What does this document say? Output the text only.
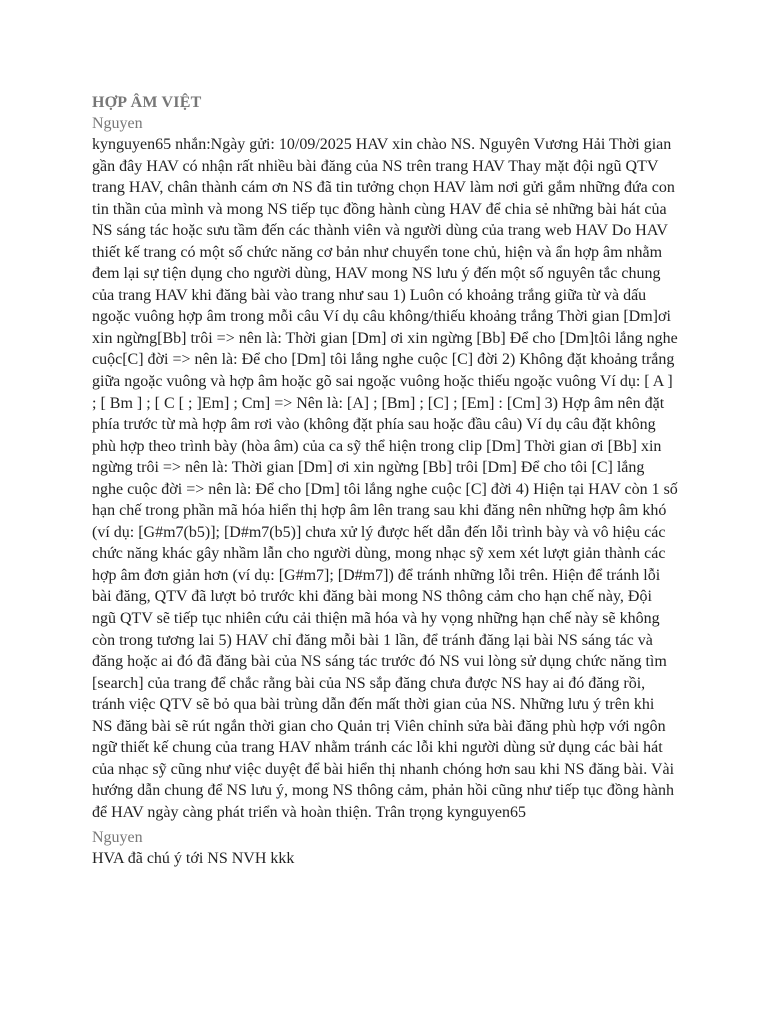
HỢP ÂM VIỆT
Nguyen

kynguyen65 nhắn:Ngày gửi: 10/09/2025 HAV xin chào NS. Nguyên Vương Hải Thời gian gần đây HAV có nhận rất nhiều bài đăng của NS trên trang HAV Thay mặt đội ngũ QTV trang HAV, chân thành cám ơn NS đã tin tưởng chọn HAV làm nơi gửi gắm những đứa con tin thần của mình và mong NS tiếp tục đồng hành cùng HAV để chia sẻ những bài hát của NS sáng tác hoặc sưu tầm đến các thành viên và người dùng của trang web HAV Do HAV thiết kế trang có một số chức năng cơ bản như chuyển tone chủ, hiện và ẩn hợp âm nhằm đem lại sự tiện dụng cho người dùng, HAV mong NS lưu ý đến một số nguyên tắc chung của trang HAV khi đăng bài vào trang như sau 1) Luôn có khoảng trắng giữa từ và dấu ngoặc vuông hợp âm trong mỗi câu Ví dụ câu không/thiếu khoảng trắng Thời gian [Dm]ơi xin ngừng[Bb] trôi => nên là: Thời gian [Dm] ơi xin ngừng [Bb] Để cho [Dm]tôi lắng nghe cuộc[C] đời => nên là: Để cho [Dm] tôi lắng nghe cuộc [C] đời 2) Không đặt khoảng trắng giữa ngoặc vuông và hợp âm hoặc gõ sai ngoặc vuông hoặc thiếu ngoặc vuông Ví dụ: [ A ] ; [ Bm ] ; [ C [ ; ]Em] ; Cm] => Nên là: [A] ; [Bm] ; [C] ; [Em] : [Cm] 3) Hợp âm nên đặt phía trước từ mà hợp âm rơi vào (không đặt phía sau hoặc đầu câu) Ví dụ câu đặt không phù hợp theo trình bày (hòa âm) của ca sỹ thể hiện trong clip [Dm] Thời gian ơi [Bb] xin ngừng trôi => nên là: Thời gian [Dm] ơi xin ngừng [Bb] trôi [Dm] Để cho tôi [C] lắng nghe cuộc đời => nên là: Để cho [Dm] tôi lắng nghe cuộc [C] đời 4) Hiện tại HAV còn 1 số hạn chế trong phần mã hóa hiển thị hợp âm lên trang sau khi đăng nên những hợp âm khó (ví dụ: [G#m7(b5)]; [D#m7(b5)] chưa xử lý được hết dẫn đến lỗi trình bày và vô hiệu các chức năng khác gây nhầm lẫn cho người dùng, mong nhạc sỹ xem xét lượt giản thành các hợp âm đơn giản hơn (ví dụ: [G#m7]; [D#m7]) để tránh những lỗi trên. Hiện để tránh lỗi bài đăng, QTV đã lượt bỏ trước khi đăng bài mong NS thông cảm cho hạn chế này, Đội ngũ QTV sẽ tiếp tục nhiên cứu cải thiện mã hóa và hy vọng những hạn chế này sẽ không còn trong tương lai 5) HAV chỉ đăng mỗi bài 1 lần, để tránh đăng lại bài NS sáng tác và đăng hoặc ai đó đã đăng bài của NS sáng tác trước đó NS vui lòng sử dụng chức năng tìm [search] của trang để chắc rằng bài của NS sắp đăng chưa được NS hay ai đó đăng rồi, tránh việc QTV sẽ bỏ qua bài trùng dẫn đến mất thời gian của NS. Những lưu ý trên khi NS đăng bài sẽ rút ngắn thời gian cho Quản trị Viên chỉnh sửa bài đăng phù hợp với ngôn ngữ thiết kế chung của trang HAV nhằm tránh các lỗi khi người dùng sử dụng các bài hát của nhạc sỹ cũng như việc duyệt để bài hiển thị nhanh chóng hơn sau khi NS đăng bài. Vài hướng dẫn chung để NS lưu ý, mong NS thông cảm, phản hồi cũng như tiếp tục đồng hành để HAV ngày càng phát triển và hoàn thiện. Trân trọng kynguyen65

Nguyen

HVA đã chú ý tới NS NVH kkk
